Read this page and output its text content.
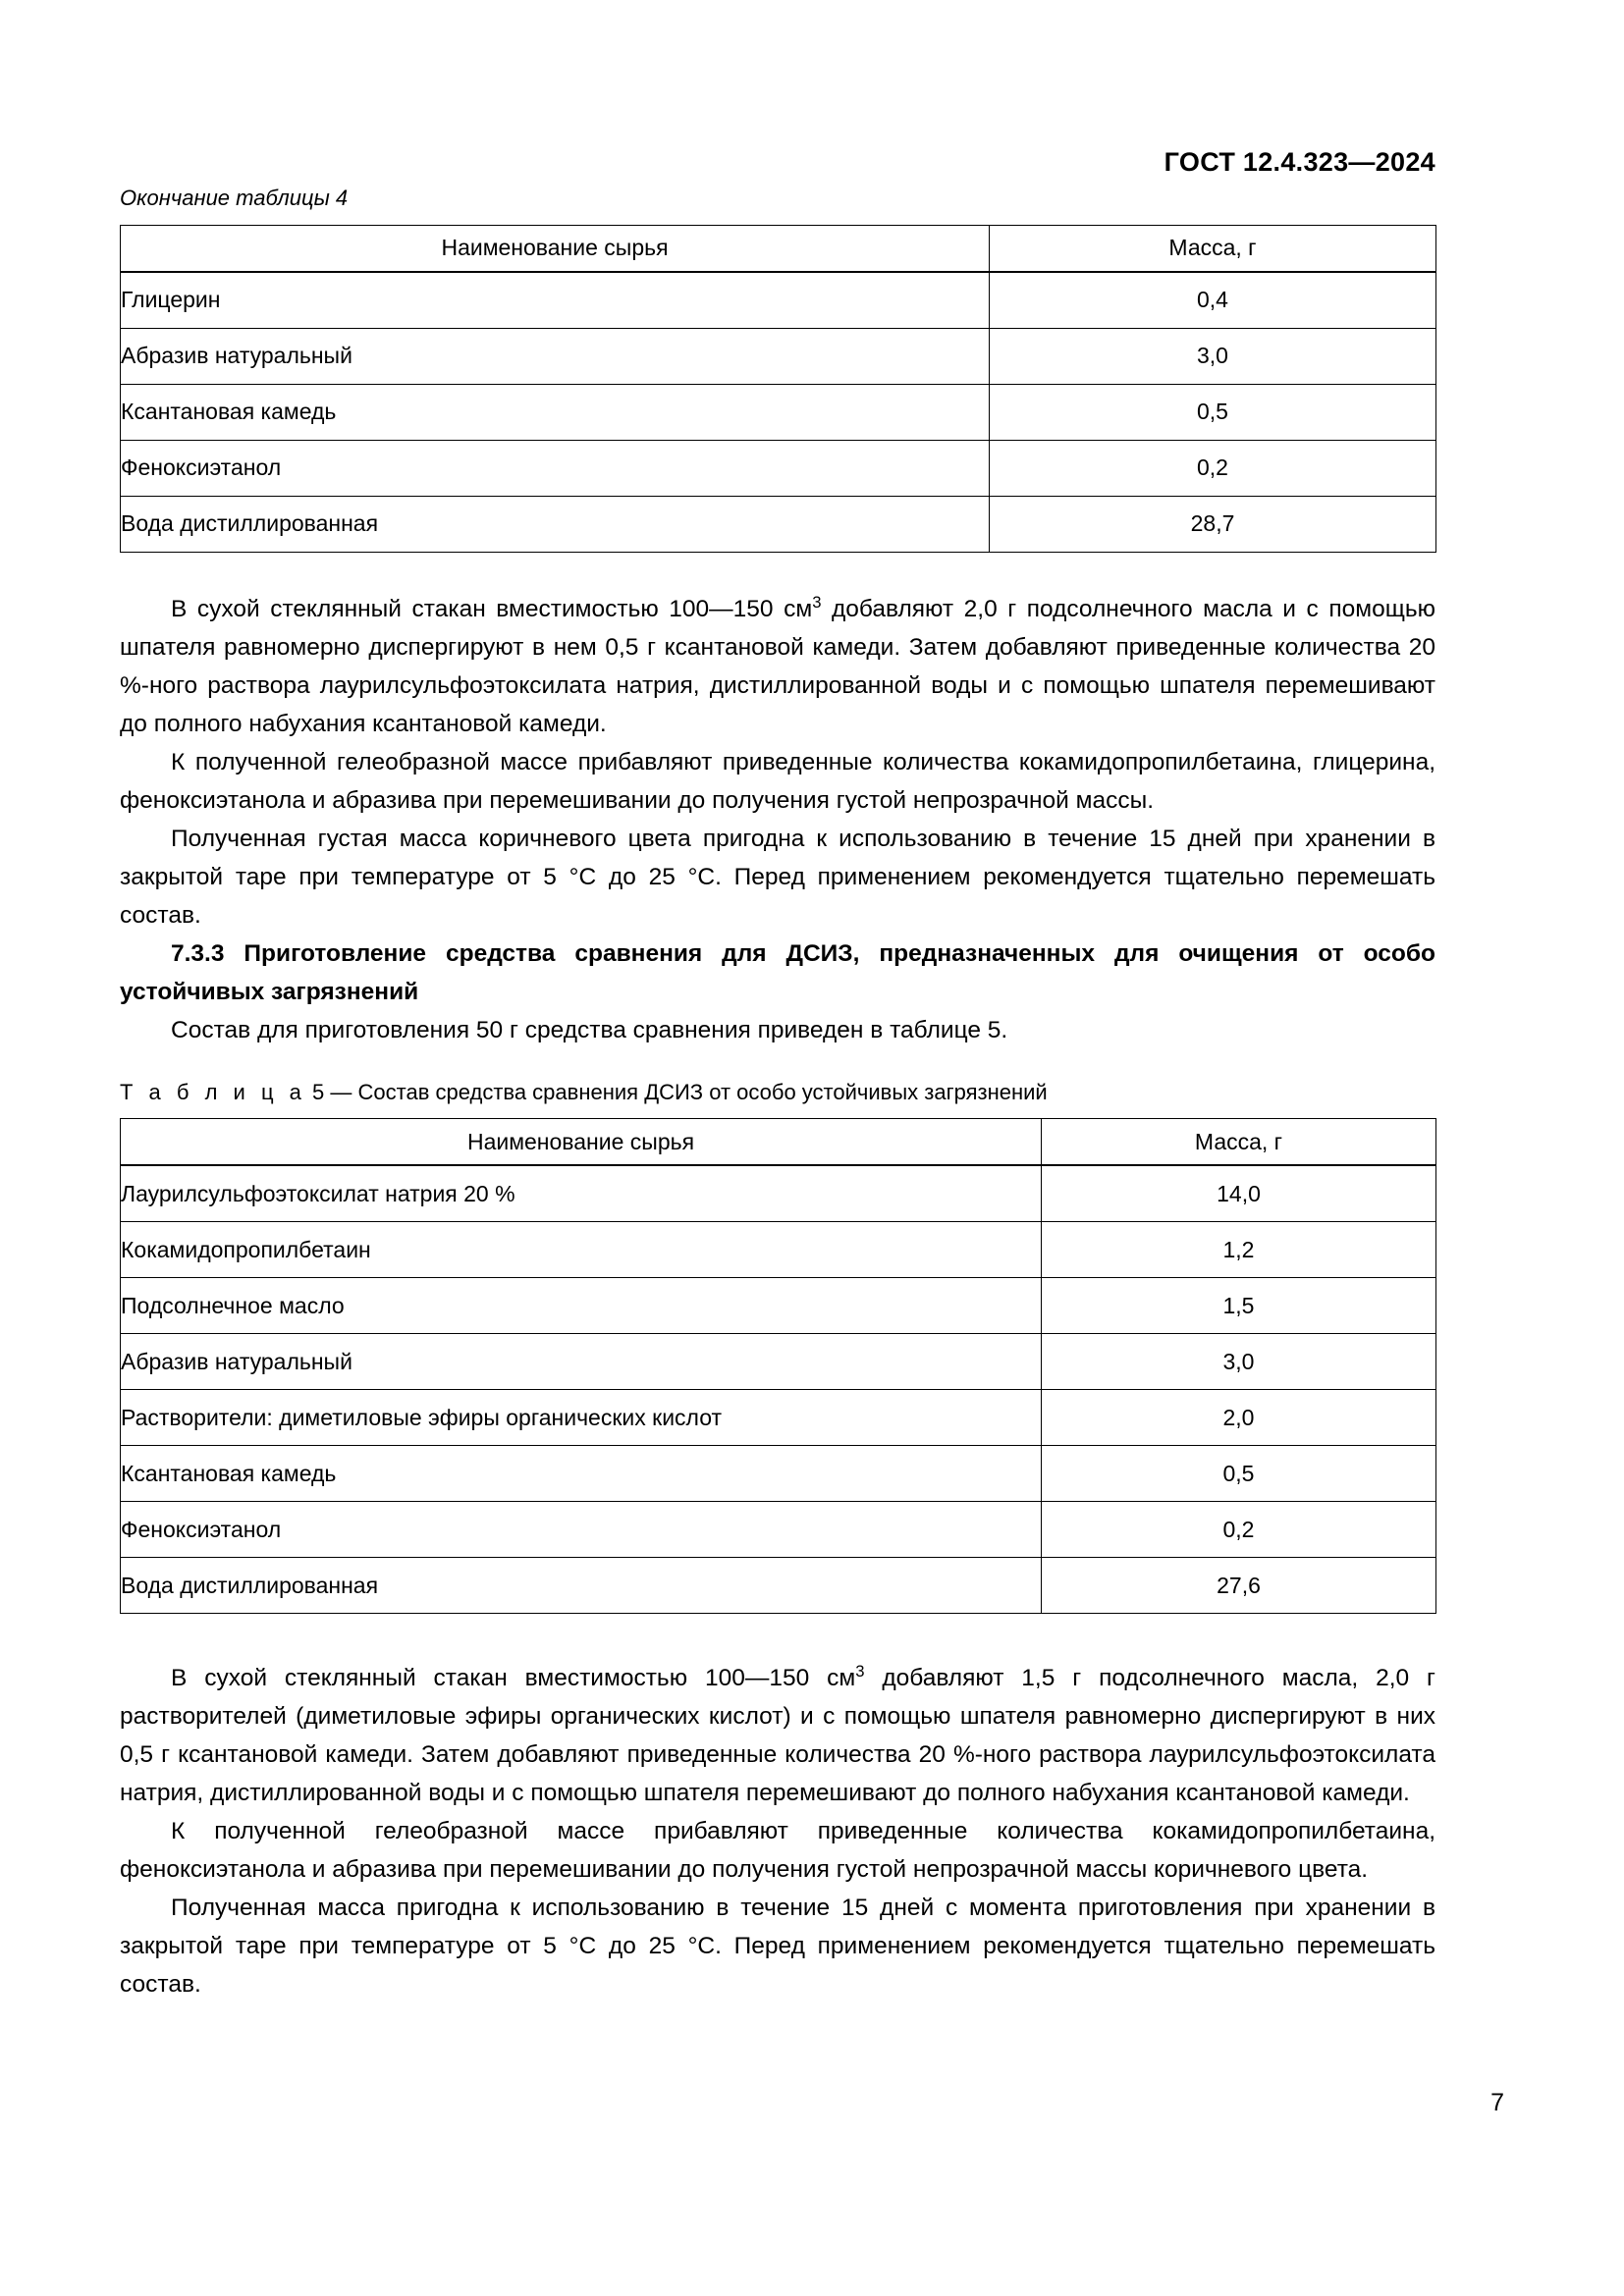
ГОСТ 12.4.323—2024
Окончание таблицы 4
Наименование сырья	Масса, г
Глицерин	0,4
Абразив натуральный	3,0
Ксантановая камедь	0,5
Феноксиэтанол	0,2
Вода дистиллированная	28,7

В сухой стеклянный стакан вместимостью 100—150 $см^3$ добавляют 2,0 г подсолнечного масла и с помощью шпателя равномерно диспергируют в нем 0,5 г ксантановой камеди. Затем добавляют приведенные количества 20 %-ного раствора лаурилсульфоэтоксилата натрия, дистиллированной воды и с помощью шпателя перемешивают до полного набухания ксантановой камеди.

К полученной гелеобразной массе прибавляют приведенные количества кокамидопропилбетаина, глицерина, феноксиэтанола и абразива при перемешивании до получения густой непрозрачной массы.

Полученная густая масса коричневого цвета пригодна к использованию в течение 15 дней при хранении в закрытой таре при температуре от 5 °C до 25 °C. Перед применением рекомендуется тщательно перемешать состав.

7.3.3 Приготовление средства сравнения для ДСИЗ, предназначенных для очищения от особо устойчивых загрязнений

Состав для приготовления 50 г средства сравнения приведен в таблице 5.

Т а б л и ц а 5 — Состав средства сравнения ДСИЗ от особо устойчивых загрязнений
Наименование сырья	Масса, г
Лаурилсульфоэтоксилат натрия 20 %	14,0
Кокамидопропилбетаин	1,2
Подсолнечное масло	1,5
Абразив натуральный	3,0
Растворители: диметиловые эфиры органических кислот	2,0
Ксантановая камедь	0,5
Феноксиэтанол	0,2
Вода дистиллированная	27,6

В сухой стеклянный стакан вместимостью 100—150 $см^3$ добавляют 1,5 г подсолнечного масла, 2,0 г растворителей (диметиловые эфиры органических кислот) и с помощью шпателя равномерно диспергируют в них 0,5 г ксантановой камеди. Затем добавляют приведенные количества 20 %-ного раствора лаурилсульфоэтоксилата натрия, дистиллированной воды и с помощью шпателя перемешивают до полного набухания ксантановой камеди.

К полученной гелеобразной массе прибавляют приведенные количества кокамидопропилбетаина, феноксиэтанола и абразива при перемешивании до получения густой непрозрачной массы коричневого цвета.

Полученная масса пригодна к использованию в течение 15 дней с момента приготовления при хранении в закрытой таре при температуре от 5 °C до 25 °C. Перед применением рекомендуется тщательно перемешать состав.

7
